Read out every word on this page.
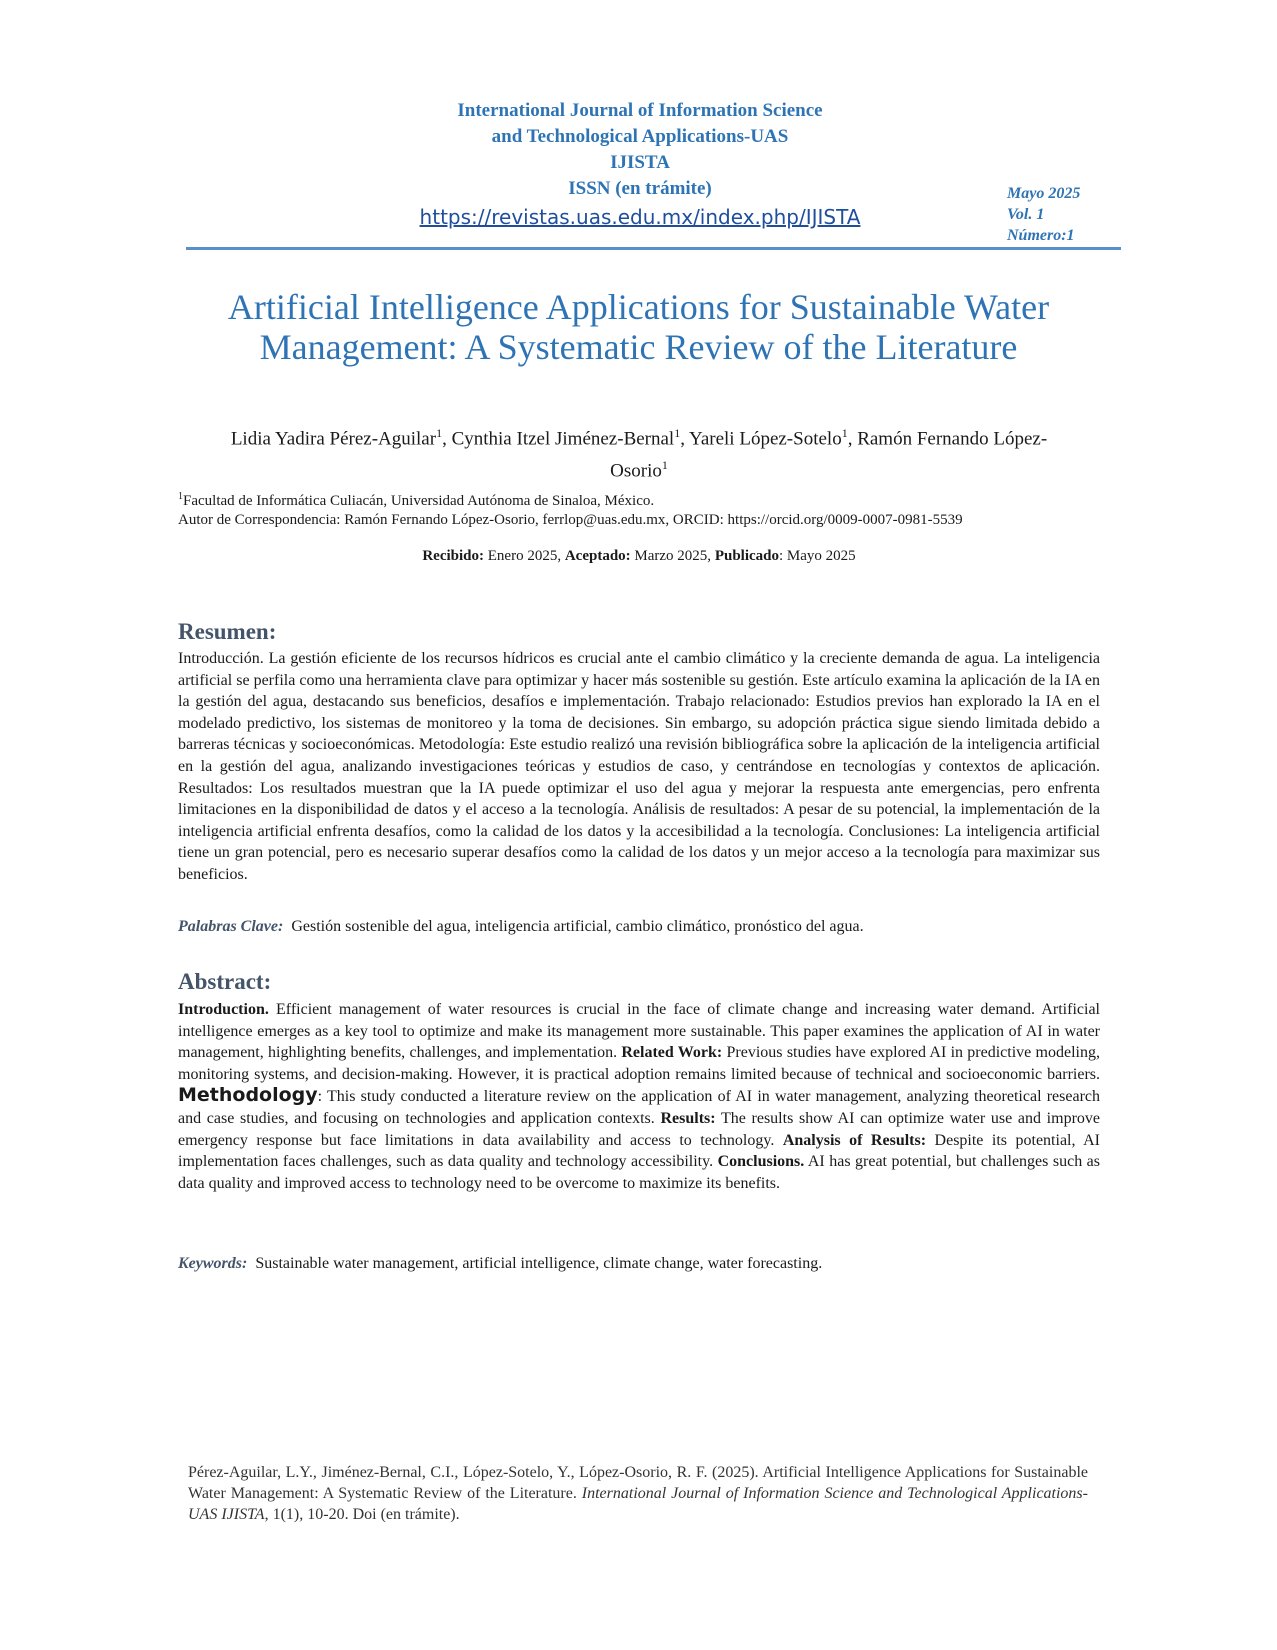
International Journal of Information Science
and Technological Applications-UAS
IJISTA
ISSN (en trámite)
https://revistas.uas.edu.mx/index.php/IJISTA
Mayo 2025
Vol. 1
Número:1
Artificial Intelligence Applications for Sustainable Water Management: A Systematic Review of the Literature
Lidia Yadira Pérez-Aguilar$^1$, Cynthia Itzel Jiménez-Bernal$^1$, Yareli López-Sotelo$^1$, Ramón Fernando López-
Osorio$^1$
$^1$Facultad de Informática Culiacán, Universidad Autónoma de Sinaloa, México.
Autor de Correspondencia: Ramón Fernando López-Osorio, ferrlop@uas.edu.mx, ORCID: https://orcid.org/0009-0007-0981-5539
Recibido: Enero 2025, Aceptado: Marzo 2025, Publicado: Mayo 2025
Resumen:
Introducción. La gestión eficiente de los recursos hídricos es crucial ante el cambio climático y la creciente demanda de agua. La inteligencia artificial se perfila como una herramienta clave para optimizar y hacer más sostenible su gestión. Este artículo examina la aplicación de la IA en la gestión del agua, destacando sus beneficios, desafíos e implementación. Trabajo relacionado: Estudios previos han explorado la IA en el modelado predictivo, los sistemas de monitoreo y la toma de decisiones. Sin embargo, su adopción práctica sigue siendo limitada debido a barreras técnicas y socioeconómicas. Metodología: Este estudio realizó una revisión bibliográfica sobre la aplicación de la inteligencia artificial en la gestión del agua, analizando investigaciones teóricas y estudios de caso, y centrándose en tecnologías y contextos de aplicación. Resultados: Los resultados muestran que la IA puede optimizar el uso del agua y mejorar la respuesta ante emergencias, pero enfrenta limitaciones en la disponibilidad de datos y el acceso a la tecnología. Análisis de resultados: A pesar de su potencial, la implementación de la inteligencia artificial enfrenta desafíos, como la calidad de los datos y la accesibilidad a la tecnología. Conclusiones: La inteligencia artificial tiene un gran potencial, pero es necesario superar desafíos como la calidad de los datos y un mejor acceso a la tecnología para maximizar sus beneficios.
Palabras Clave: Gestión sostenible del agua, inteligencia artificial, cambio climático, pronóstico del agua.
Abstract:
Introduction. Efficient management of water resources is crucial in the face of climate change and increasing water demand. Artificial intelligence emerges as a key tool to optimize and make its management more sustainable. This paper examines the application of AI in water management, highlighting benefits, challenges, and implementation. Related Work: Previous studies have explored AI in predictive modeling, monitoring systems, and decision-making. However, it is practical adoption remains limited because of technical and socioeconomic barriers. Methodology: This study conducted a literature review on the application of AI in water management, analyzing theoretical research and case studies, and focusing on technologies and application contexts. Results: The results show AI can optimize water use and improve emergency response but face limitations in data availability and access to technology. Analysis of Results: Despite its potential, AI implementation faces challenges, such as data quality and technology accessibility. Conclusions. AI has great potential, but challenges such as data quality and improved access to technology need to be overcome to maximize its benefits.
Keywords: Sustainable water management, artificial intelligence, climate change, water forecasting.
Pérez-Aguilar, L.Y., Jiménez-Bernal, C.I., López-Sotelo, Y., López-Osorio, R. F. (2025). Artificial Intelligence Applications for Sustainable Water Management: A Systematic Review of the Literature. International Journal of Information Science and Technological Applications-UAS IJISTA, 1(1), 10-20. Doi (en trámite).
